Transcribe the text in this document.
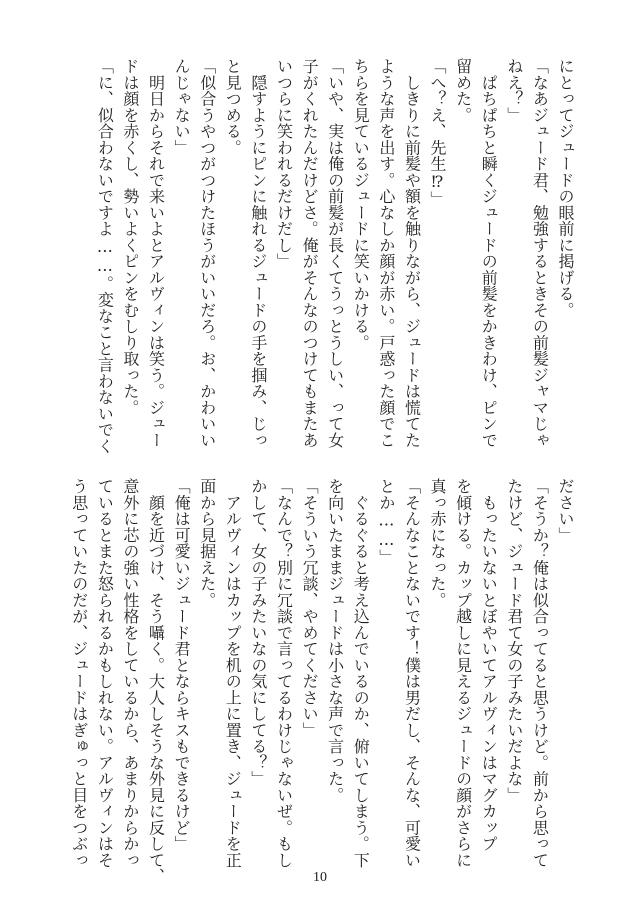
にとってジュードの眼前に掲げる。
「なあジュード君、勉強するときその前髪ジャマじゃ
ねえ？」
　ぱちぱちと瞬くジュードの前髪をかきわけ、ピンで
留めた。
「へ？え、先生⁉」
　しきりに前髪や額を触りながら、ジュードは慌てた
ような声を出す。心なしか顔が赤い。戸惑った顔でこ
ちらを見ているジュードに笑いかける。
「いや、実は俺の前髪が長くてうっとうしい、って女
子がくれたんだけどさ。俺がそんなのつけてもまたあ
いつらに笑われるだけだし」
　隠すようにピンに触れるジュードの手を掴み、じっ
と見つめる。
「似合うやつがつけたほうがいいだろ。お、かわいい
んじゃない」
　明日からそれで来いよとアルヴィンは笑う。ジュー
ドは顔を赤くし、勢いよくピンをむしり取った。
「に、似合わないですよ……。変なこと言わないでく
ださい」
「そうか？俺は似合ってると思うけど。前から思って
たけど、ジュード君て女の子みたいだよな」
　もったいないとぼやいてアルヴィンはマグカップ
を傾ける。カップ越しに見えるジュードの顔がさらに
真っ赤になった。
「そんなことないです！僕は男だし、そんな、可愛い
とか……」
　ぐるぐると考え込んでいるのか、俯いてしまう。下
を向いたままジュードは小さな声で言った。
「そういう冗談、やめてください」
「なんで？別に冗談で言ってるわけじゃないぜ。もし
かして、女の子みたいなの気にしてる？」
　アルヴィンはカップを机の上に置き、ジュードを正
面から見据えた。
「俺は可愛いジュード君とならキスもできるけど」
　顔を近づけ、そう囁く。大人しそうな外見に反して、
意外に芯の強い性格をしているから、あまりからかっ
ているとまた怒られるかもしれない。アルヴィンはそ
う思っていたのだが、ジュードはぎゅっと目をつぶっ
10
